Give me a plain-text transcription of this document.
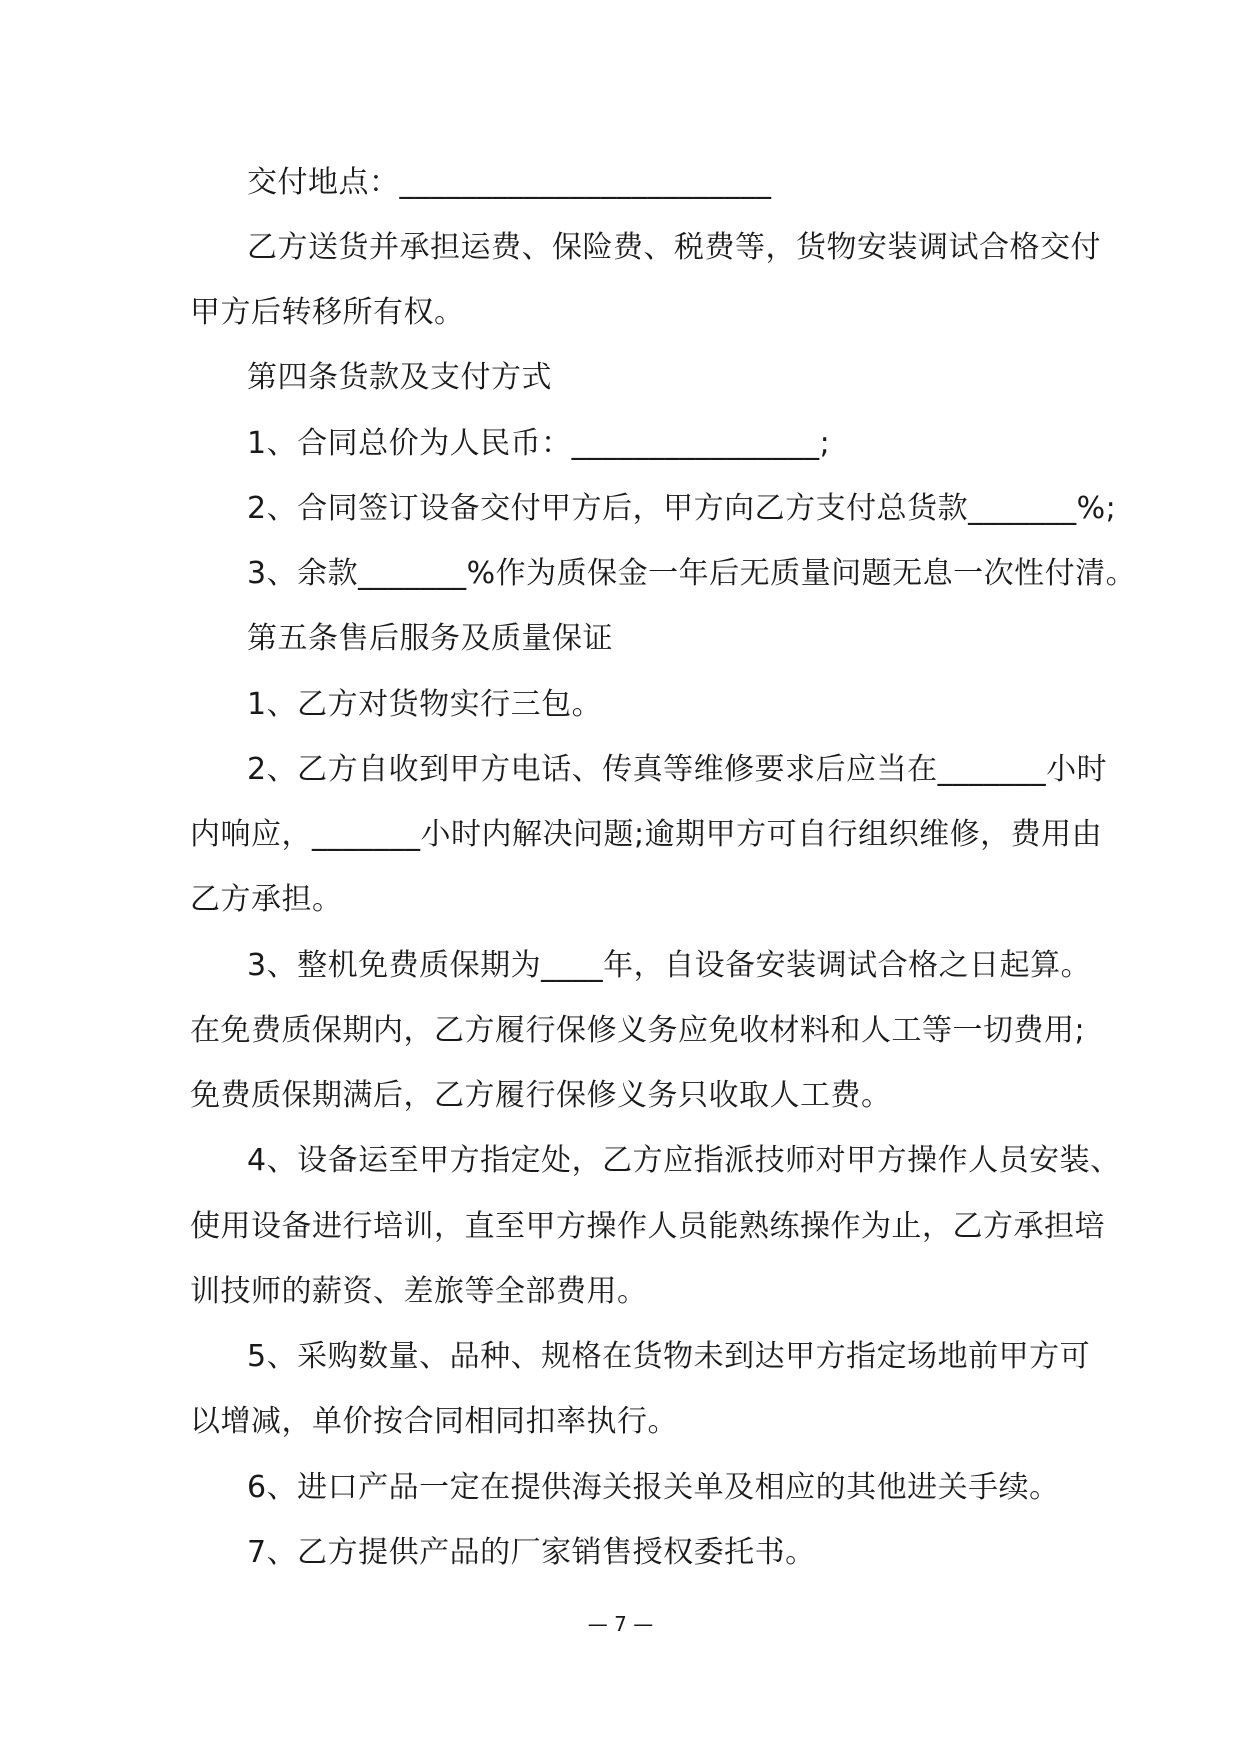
交付地点：________________________
乙方送货并承担运费、保险费、税费等，货物安装调试合格交付
甲方后转移所有权。
第四条货款及支付方式
1、合同总价为人民币：________________;
2、合同签订设备交付甲方后，甲方向乙方支付总货款_______%;
3、余款_______%作为质保金一年后无质量问题无息一次性付清。
第五条售后服务及质量保证
1、乙方对货物实行三包。
2、乙方自收到甲方电话、传真等维修要求后应当在_______小时
内响应，_______小时内解决问题;逾期甲方可自行组织维修，费用由
乙方承担。
3、整机免费质保期为____年，自设备安装调试合格之日起算。
在免费质保期内，乙方履行保修义务应免收材料和人工等一切费用;
免费质保期满后，乙方履行保修义务只收取人工费。
4、设备运至甲方指定处，乙方应指派技师对甲方操作人员安装、
使用设备进行培训，直至甲方操作人员能熟练操作为止，乙方承担培
训技师的薪资、差旅等全部费用。
5、采购数量、品种、规格在货物未到达甲方指定场地前甲方可
以增减，单价按合同相同扣率执行。
6、进口产品一定在提供海关报关单及相应的其他进关手续。
7、乙方提供产品的厂家销售授权委托书。
— 7 —
